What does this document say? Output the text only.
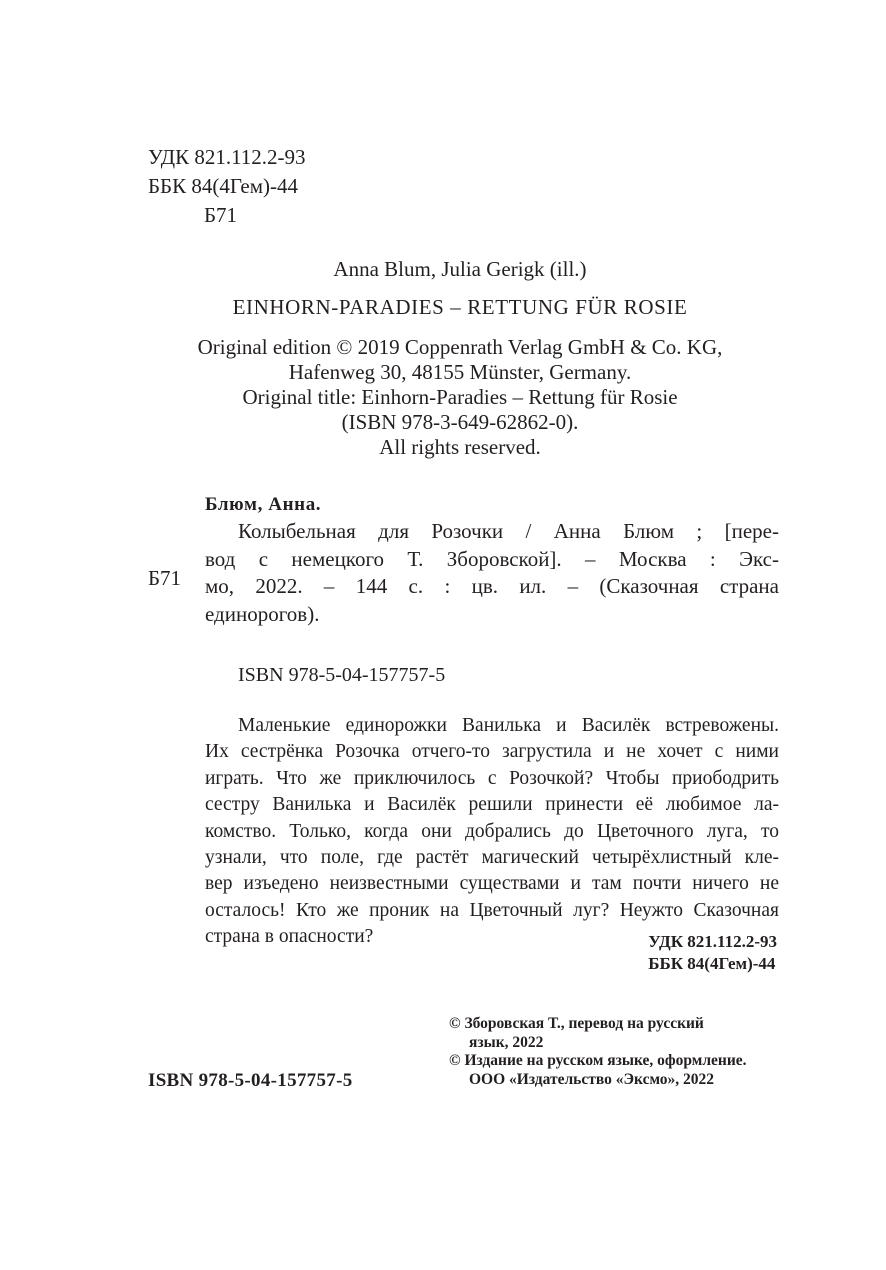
УДК 821.112.2-93
ББК 84(4Гем)-44
Б71
Anna Blum, Julia Gerigk (ill.)
EINHORN-PARADIES – RETTUNG FÜR ROSIE
Original edition © 2019 Coppenrath Verlag GmbH & Co. KG,
Hafenweg 30, 48155 Münster, Germany.
Original title: Einhorn-Paradies – Rettung für Rosie
(ISBN 978-3-649-62862-0).
All rights reserved.
Блюм, Анна.
Б71
Колыбельная для Розочки / Анна Блюм ; [пере-
вод с немецкого Т. Зборовской]. – Москва : Экс-
мо, 2022. – 144 с. : цв. ил. – (Сказочная страна
единорогов).
ISBN 978-5-04-157757-5
Маленькие единорожки Ванилька и Василёк встревожены.
Их сестрёнка Розочка отчего-то загрустила и не хочет с ними
играть. Что же приключилось с Розочкой? Чтобы приободрить
сестру Ванилька и Василёк решили принести её любимое ла-
комство. Только, когда они добрались до Цветочного луга, то
узнали, что поле, где растёт магический четырёхлистный кле-
вер изъедено неизвестными существами и там почти ничего не
осталось! Кто же проник на Цветочный луг? Неужто Сказочная
страна в опасности?	УДК 821.112.2-93
ББК 84(4Гем)-44
© Зборовская Т., перевод на русский
язык, 2022
© Издание на русском языке, оформление.
ООО «Издательство «Эксмо», 2022
ISBN 978-5-04-157757-5
